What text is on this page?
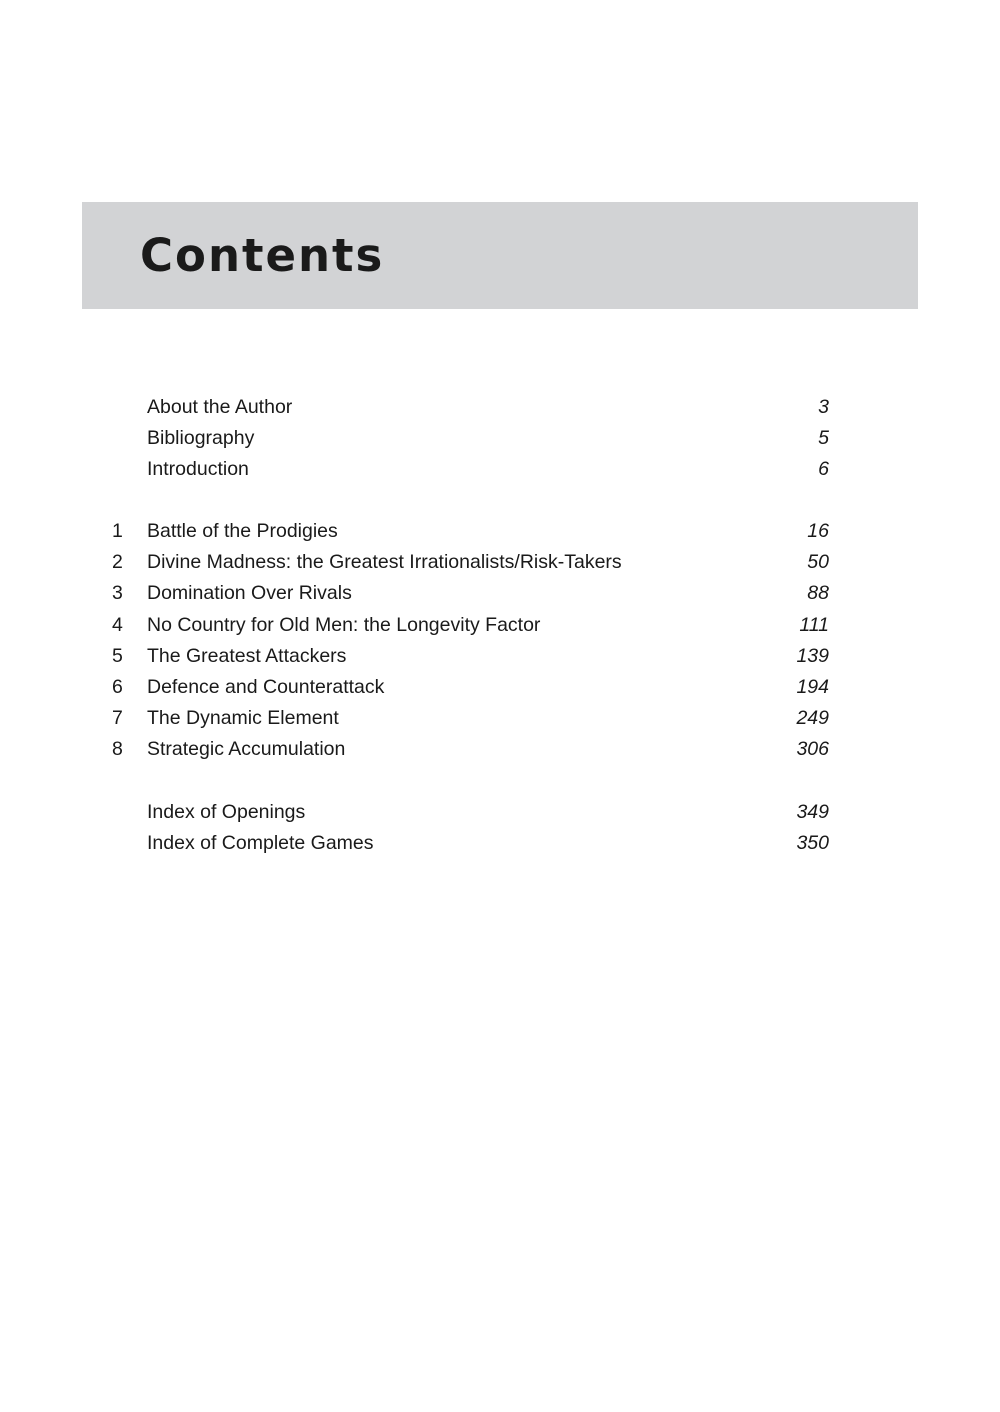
Contents
About the Author	3
Bibliography	5
Introduction	6
1	Battle of the Prodigies	16
2	Divine Madness: the Greatest Irrationalists/Risk-Takers	50
3	Domination Over Rivals	88
4	No Country for Old Men: the Longevity Factor	111
5	The Greatest Attackers	139
6	Defence and Counterattack	194
7	The Dynamic Element	249
8	Strategic Accumulation	306
Index of Openings	349
Index of Complete Games	350
